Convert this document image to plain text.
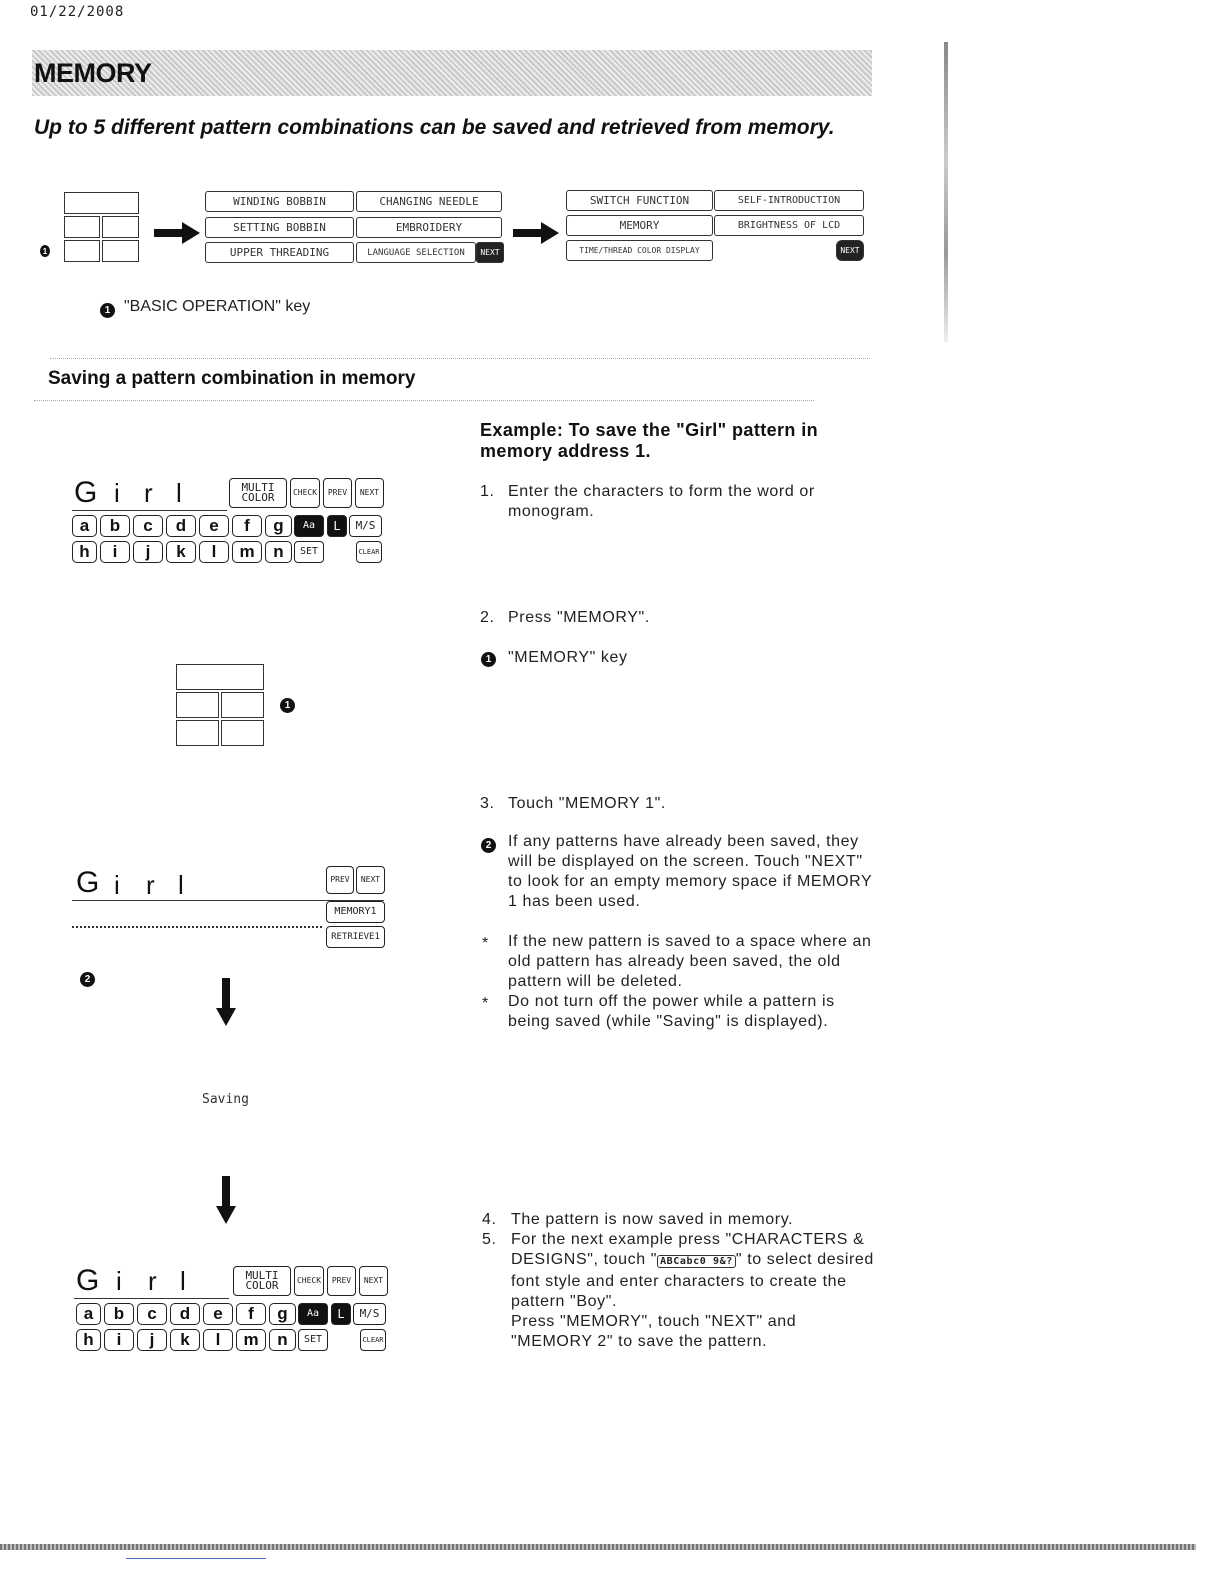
01/22/2008
MEMORY
Up to 5 different pattern combinations can be saved and retrieved from memory.
1
WINDING BOBBIN	CHANGING NEEDLE
SETTING BOBBIN	EMBROIDERY
UPPER THREADING	LANGUAGE SELECTION	NEXT
SWITCH FUNCTION	SELF-INTRODUCTION
MEMORY	BRIGHTNESS OF LCD
TIME/THREAD COLOR DISPLAY	NEXT
1 "BASIC OPERATION" key
Saving a pattern combination in memory
Example: To save the "Girl" pattern in memory address 1.
1. Enter the characters to form the word or monogram.
G i r l	MULTI COLOR	CHECK	PREV	NEXT
a	b	c	d	e	f	g	Aa	L	M/S
h	i	j	k	l	m	n	SET	CLEAR
2. Press "MEMORY".
1 "MEMORY" key
1
3. Touch "MEMORY 1".
2 If any patterns have already been saved, they will be displayed on the screen. Touch "NEXT" to look for an empty memory space if MEMORY 1 has been used.
* If the new pattern is saved to a space where an old pattern has already been saved, the old pattern will be deleted.
* Do not turn off the power while a pattern is being saved (while "Saving" is displayed).
G i r l	PREV	NEXT
MEMORY1
RETRIEVE1
2
Saving
G i r l	MULTI COLOR	CHECK	PREV	NEXT
a	b	c	d	e	f	g	Aa	L	M/S
h	i	j	k	l	m	n	SET	CLEAR
4. The pattern is now saved in memory.
5. For the next example press "CHARACTERS & DESIGNS", touch " ABCabc0 9&? " to select desired font style and enter characters to create the pattern "Boy".
Press "MEMORY", touch "NEXT" and "MEMORY 2" to save the pattern.
